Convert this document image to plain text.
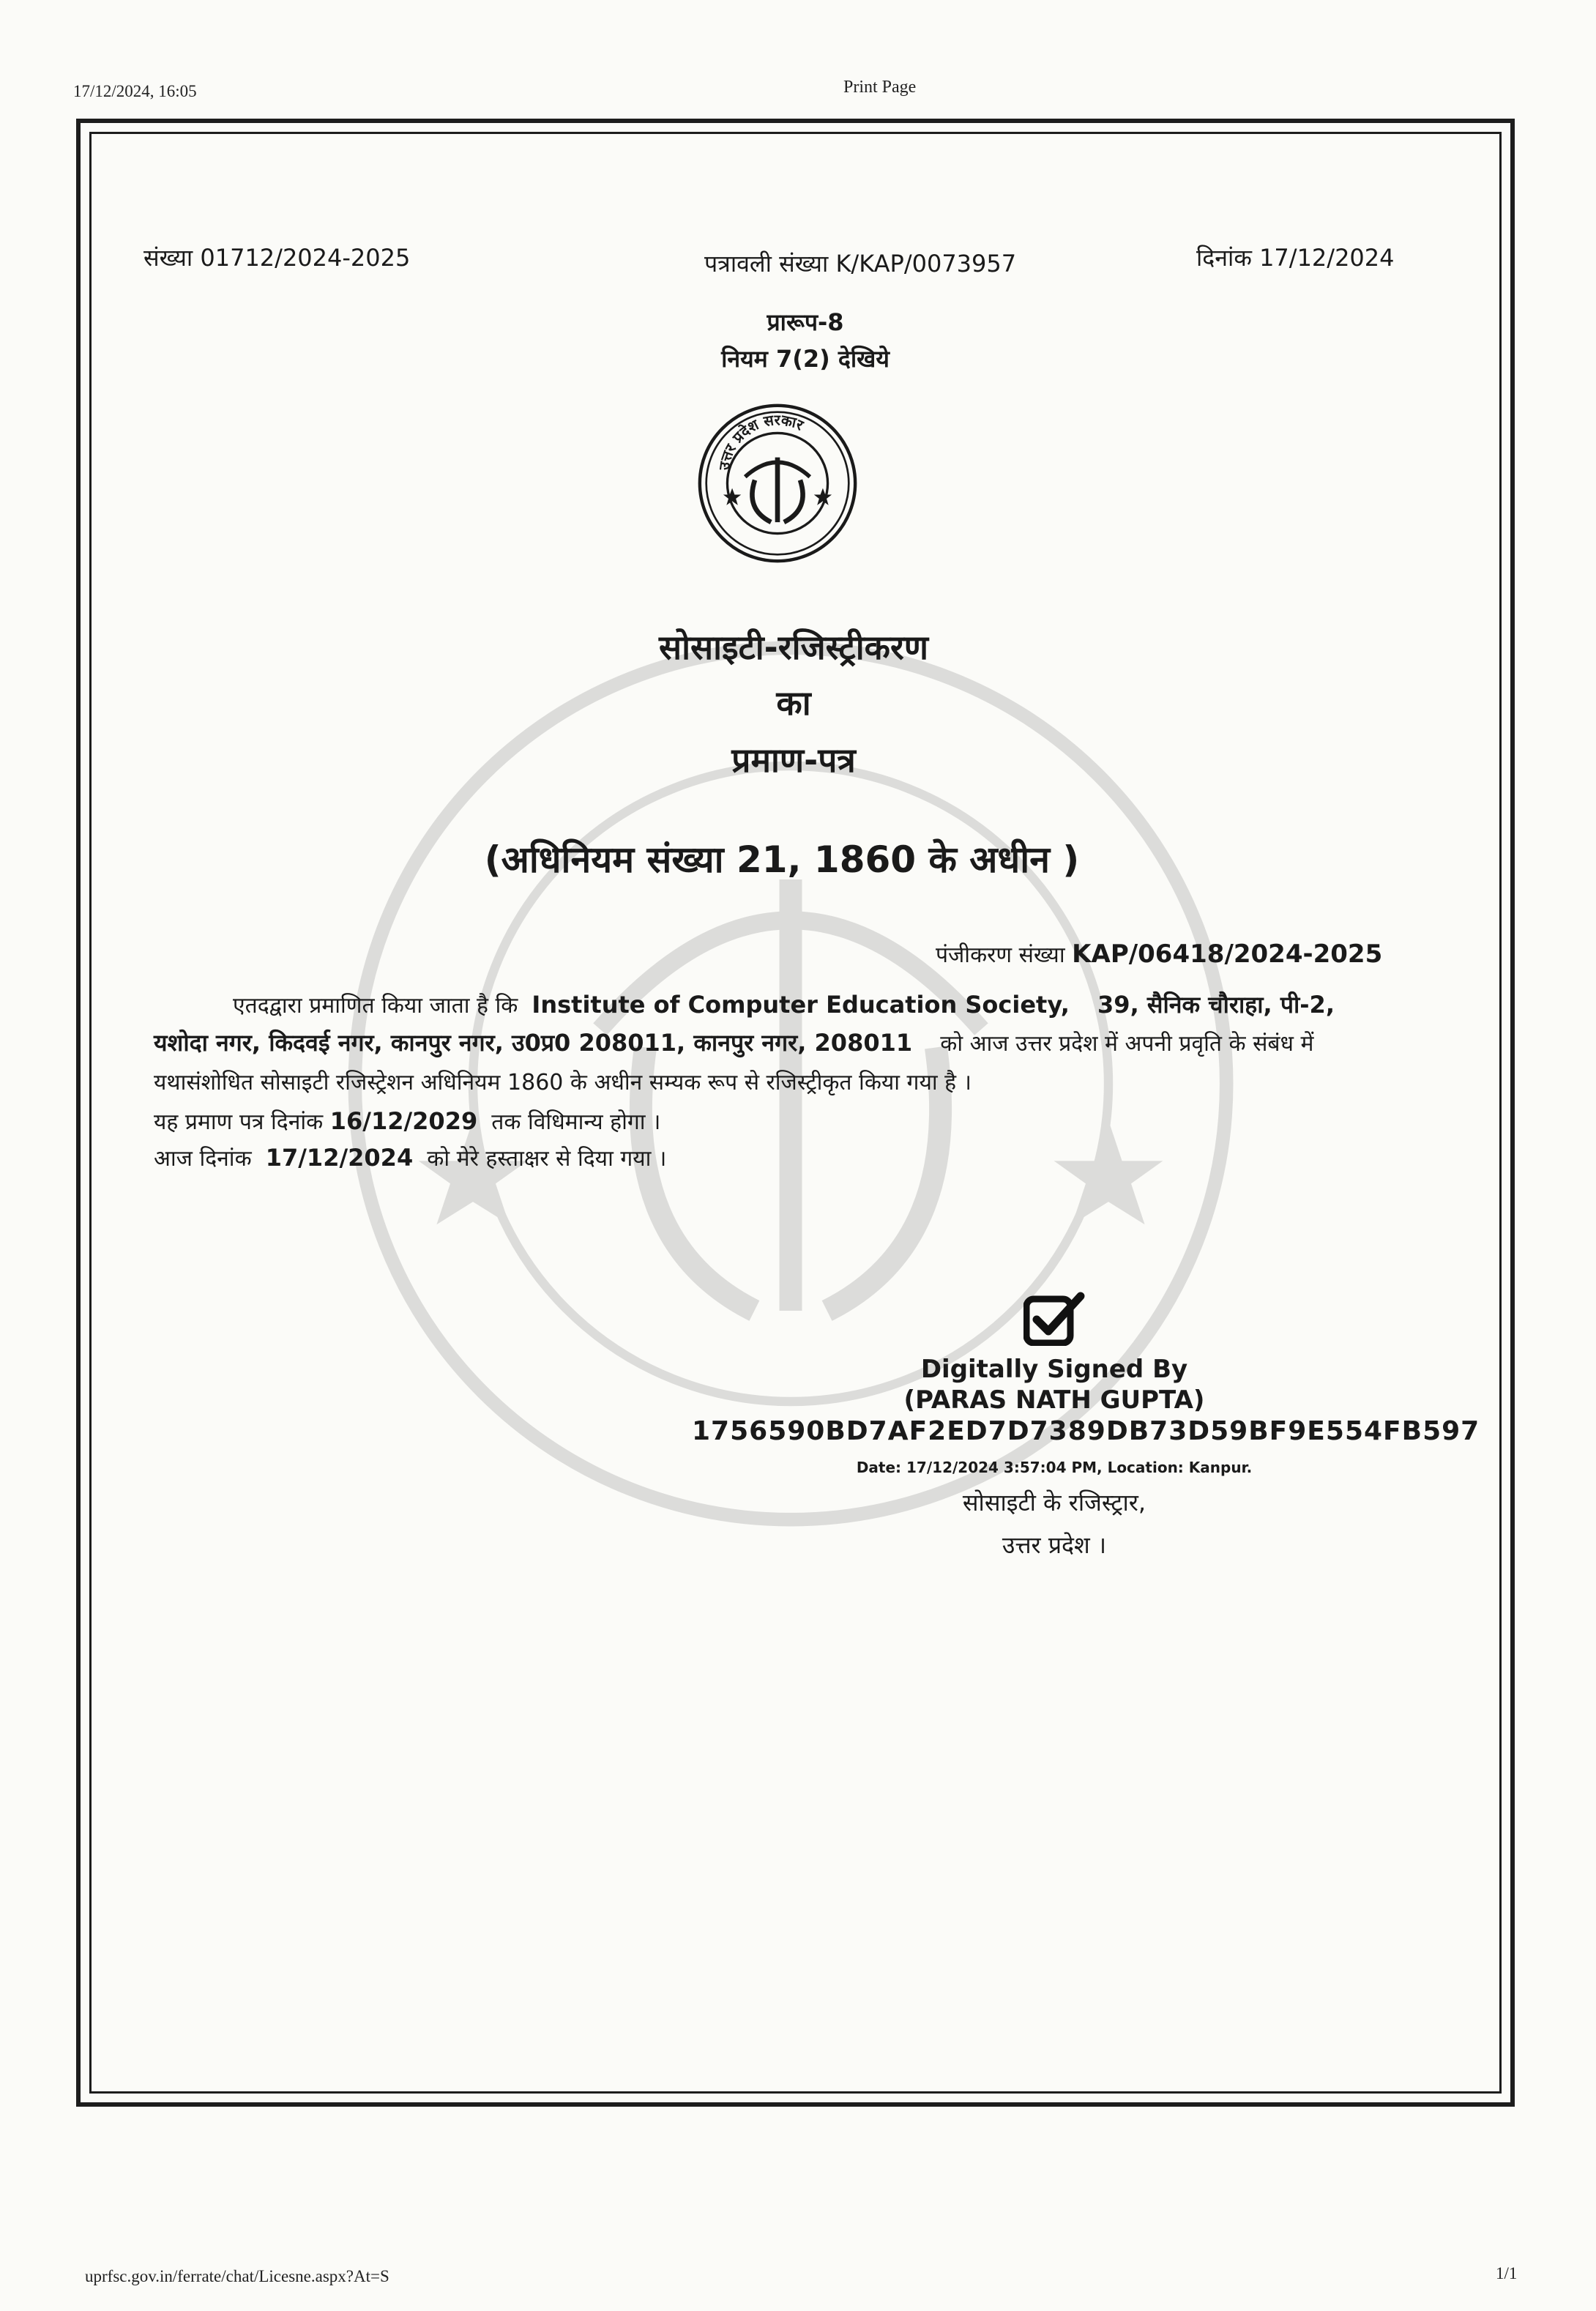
17/12/2024, 16:05	Print Page
संख्या 01712/2024-2025	पत्रावली संख्या K/KAP/0073957	दिनांक 17/12/2024
प्रारूप-8
नियम 7(2) देखिये
उत्तर प्रदेश सरकार
सोसाइटी-रजिस्ट्रीकरण
का
प्रमाण-पत्र
(अधिनियम संख्या 21, 1860 के अधीन )
पंजीकरण संख्या KAP/06418/2024-2025
एतदद्वारा प्रमाणित किया जाता है कि Institute of Computer Education Society, 39, सैनिक चौराहा, पी-2,
यशोदा नगर, किदवई नगर, कानपुर नगर, उ0प्र0 208011, कानपुर नगर, 208011 को आज उत्तर प्रदेश में अपनी प्रवृति के संबंध में
यथासंशोधित सोसाइटी रजिस्ट्रेशन अधिनियम 1860 के अधीन सम्यक रूप से रजिस्ट्रीकृत किया गया है ।
यह प्रमाण पत्र दिनांक 16/12/2029 तक विधिमान्य होगा ।
आज दिनांक 17/12/2024 को मेरे हस्ताक्षर से दिया गया ।
Digitally Signed By
(PARAS NATH GUPTA)
1756590BD7AF2ED7D7389DB73D59BF9E554FB597
Date: 17/12/2024 3:57:04 PM, Location: Kanpur.
सोसाइटी के रजिस्ट्रार,
उत्तर प्रदेश ।
uprfsc.gov.in/ferrate/chat/Licesne.aspx?At=S	1/1
